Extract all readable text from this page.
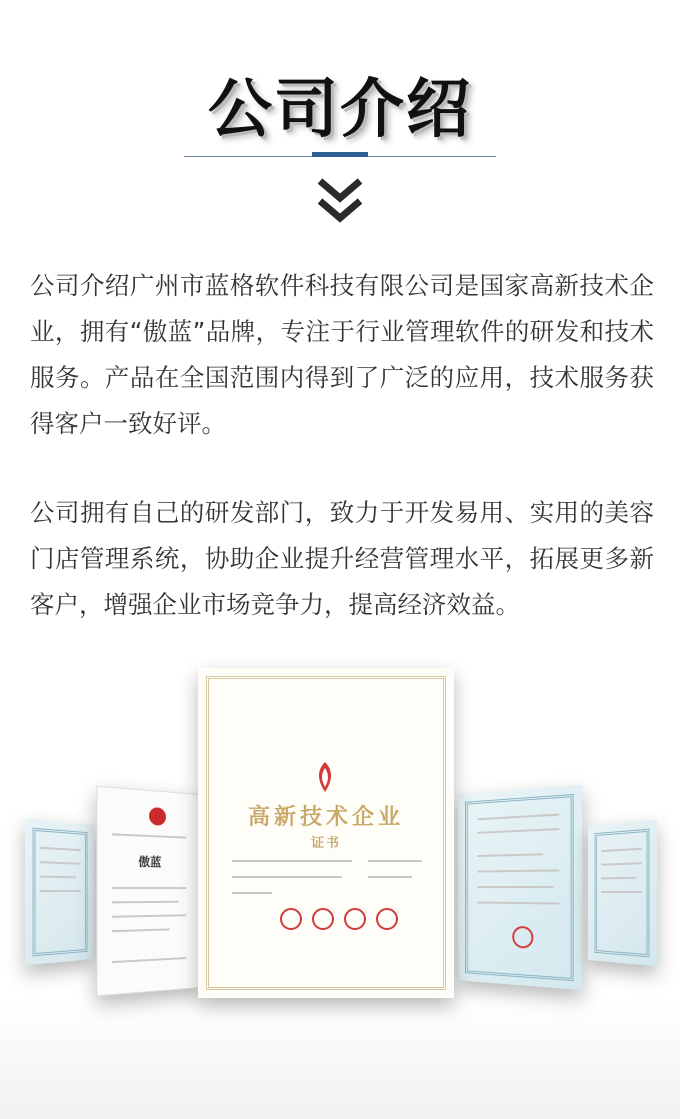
公司介绍

公司介绍广州市蓝格软件科技有限公司是国家高新技术企业，拥有“傲蓝”品牌，专注于行业管理软件的研发和技术服务。产品在全国范围内得到了广泛的应用，技术服务获得客户一致好评。

公司拥有自己的研发部门，致力于开发易用、实用的美容门店管理系统，协助企业提升经营管理水平，拓展更多新客户，增强企业市场竞争力，提高经济效益。

傲蓝
高新技术企业
证书
